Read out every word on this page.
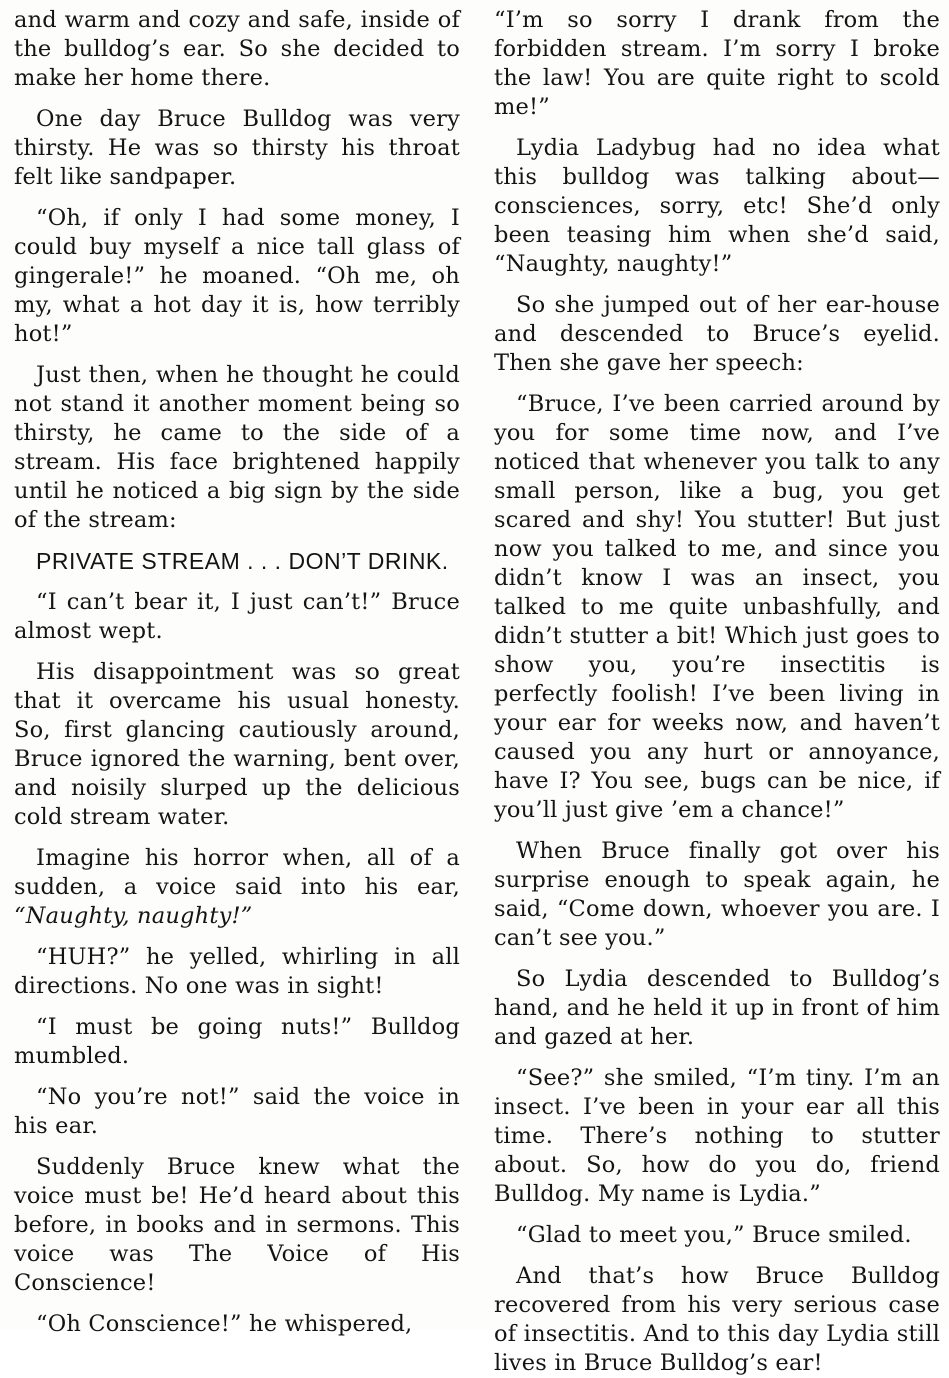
and warm and cozy and safe, inside of the bulldog’s ear. So she decided to make her home there.

One day Bruce Bulldog was very thirsty. He was so thirsty his throat felt like sandpaper.

“Oh, if only I had some money, I could buy myself a nice tall glass of gingerale!” he moaned. “Oh me, oh my, what a hot day it is, how terribly hot!”

Just then, when he thought he could not stand it another moment being so thirsty, he came to the side of a stream. His face brightened happily until he noticed a big sign by the side of the stream:

PRIVATE STREAM . . . DON’T DRINK.

“I can’t bear it, I just can’t!” Bruce almost wept.

His disappointment was so great that it overcame his usual honesty. So, first glancing cautiously around, Bruce ignored the warning, bent over, and noisily slurped up the delicious cold stream water.

Imagine his horror when, all of a sudden, a voice said into his ear, “Naughty, naughty!”

“HUH?” he yelled, whirling in all directions. No one was in sight!

“I must be going nuts!” Bulldog mumbled.

“No you’re not!” said the voice in his ear.

Suddenly Bruce knew what the voice must be! He’d heard about this before, in books and in sermons. This voice was The Voice of His Conscience!

“Oh Conscience!” he whispered,

“I’m so sorry I drank from the forbidden stream. I’m sorry I broke the law! You are quite right to scold me!”

Lydia Ladybug had no idea what this bulldog was talking about—consciences, sorry, etc! She’d only been teasing him when she’d said, “Naughty, naughty!”

So she jumped out of her ear-house and descended to Bruce’s eyelid. Then she gave her speech:

“Bruce, I’ve been carried around by you for some time now, and I’ve noticed that whenever you talk to any small person, like a bug, you get scared and shy! You stutter! But just now you talked to me, and since you didn’t know I was an insect, you talked to me quite unbashfully, and didn’t stutter a bit! Which just goes to show you, you’re insectitis is perfectly foolish! I’ve been living in your ear for weeks now, and haven’t caused you any hurt or annoyance, have I? You see, bugs can be nice, if you’ll just give ’em a chance!”

When Bruce finally got over his surprise enough to speak again, he said, “Come down, whoever you are. I can’t see you.”

So Lydia descended to Bulldog’s hand, and he held it up in front of him and gazed at her.

“See?” she smiled, “I’m tiny. I’m an insect. I’ve been in your ear all this time. There’s nothing to stutter about. So, how do you do, friend Bulldog. My name is Lydia.”

“Glad to meet you,” Bruce smiled.

And that’s how Bruce Bulldog recovered from his very serious case of insectitis. And to this day Lydia still lives in Bruce Bulldog’s ear!
